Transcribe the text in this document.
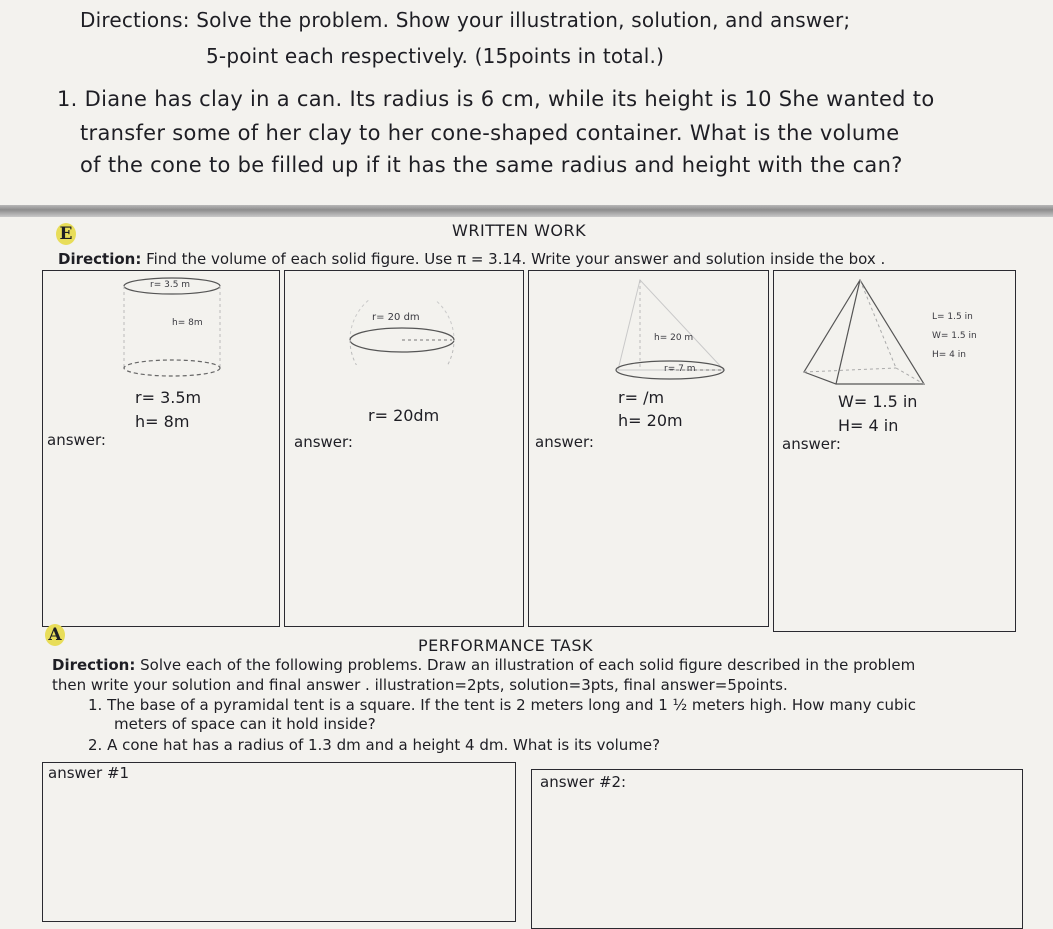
Directions: Solve the problem. Show your illustration, solution, and answer;
5-point each respectively. (15points in total.)
1. Diane has clay in a can. Its radius is 6 cm, while its height is 10 She wanted to
transfer some of her clay to her cone-shaped container. What is the volume
of the cone to be filled up if it has the same radius and height with the can?
E	WRITTEN WORK
Direction: Find the volume of each solid figure. Use π = 3.14. Write your answer and solution inside the box .
r= 3.5 m
h= 8m
r= 3.5m
h= 8m
answer:
r= 20 dm
r= 20dm
answer:
h= 20 m
r= 7 m
r= /m
h= 20m
answer:
L= 1.5 in
W= 1.5 in
H= 4 in
W= 1.5 in
H= 4 in
answer:
A
PERFORMANCE TASK
Direction: Solve each of the following problems. Draw an illustration of each solid figure described in the problem
then write your solution and final answer . illustration=2pts, solution=3pts, final answer=5points.
1. The base of a pyramidal tent is a square. If the tent is 2 meters long and 1 ½ meters high. How many cubic
meters of space can it hold inside?
2. A cone hat has a radius of 1.3 dm and a height 4 dm. What is its volume?
answer #1	answer #2:
